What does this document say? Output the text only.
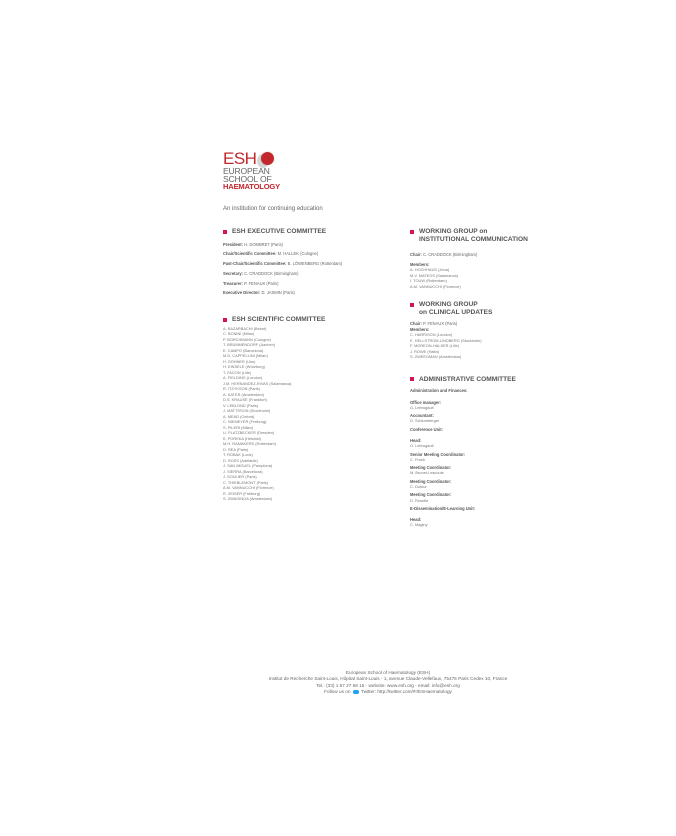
ESH
EUROPEAN
SCHOOL OF
HAEMATOLOGY
An institution for continuing education
ESH EXECUTIVE COMMITTEE
President: H. DOMBRET (Paris)
Chair/Scientific Committee: M. HALLEK (Cologne)
Past-Chair/Scientific Committee: B. LÖWENBERG (Rotterdam)
Secretary: C. CRADDOCK (Birmingham)
Treasurer: P. FENAUX (Paris)
Executive Director: D. JASMIN (Paris)
ESH SCIENTIFIC COMMITTEE
A. BAZARBACHI (Beirut)
C. BONINI (Milan)
P. BORCHMANN (Cologne)
T. BRÜMMENDORF (Aachen)
E. CAMPO (Barcelona)
M.D. CAPPELLINI (Milan)
H. DÖHNER (Ulm)
H. EINSELE (Würzburg)
T. FACON (Lille)
A. FIELDING (London)
J.M. HERNANDEZ-RIVAS (Salamanca)
R. ITZYKSON (Paris)
A. KATER (Amsterdam)
D.S. KRAUSE (Frankfurt)
V. LEBLOND (Paris)
J. MATTSSON (Stockholm)
A. MEAD (Oxford)
C. NIEMEYER (Freiburg)
S. PILERI (Milan)
U. PLATZBECKER (Dresden)
K. PORKKA (Helsinki)
M.H. RAMAKERS (Rotterdam)
D. REA (Paris)
T. ROBAK (Lodz)
D. ROSS (Adelaide)
J. SAN MIGUEL (Pamplona)
J. SIERRA (Barcelona)
J. SOULIER (Paris)
C. THIEBLEMONT (Paris)
A.M. VANNUCCHI (Florence)
R. ZEISER (Freiburg)
S. ZWAGINGA (Amsterdam)
WORKING GROUP on
INSTITUTIONAL COMMUNICATION
Chair: C. CRADDOCK (Birmingham)
Members:
A. HOCHHAUS (Jena)
M.V. MATEOS (Salamanca)
I. TOUW (Rotterdam)
A.M. VANNUCCHI (Florence)
WORKING GROUP
on CLINICAL UPDATES
Chair: P. FENAUX (Paris)
Members:
C. HARRISON (London)
E. HELLSTROM-LINDBERG (Stockholm)
F. MOREON-HALSER (Lille)
J. ROWE (Haifa)
S. ZWEEGMAN (Amsterdam)
ADMINISTRATIVE COMMITTEE
Administration and Finances:
Office manager:
G. Lebrugault
Accountant:
D. Schlumberger
Conference Unit:
Head:
G. Lebrugault
Senior Meeting Coordinator:
C. Frank
Meeting Coordinator:
M. Brunet-Lescouts
Meeting Coordinator:
C. Dufour
Meeting Coordinator:
D. Rosette
E-Dissemination/E-Learning Unit:
Head:
C. Maginy
European School of Haematology (ESH)
Institut de Recherche Saint-Louis, Hôpital Saint-Louis - 1, avenue Claude-Vellefaux, 75475 Paris Cedex 10, France
Tel.: (33) 1 57 27 68 15 - website: www.esh.org - email: info@esh.org
Follow us on Twitter: http://twitter.com/#!/ESHaematology
